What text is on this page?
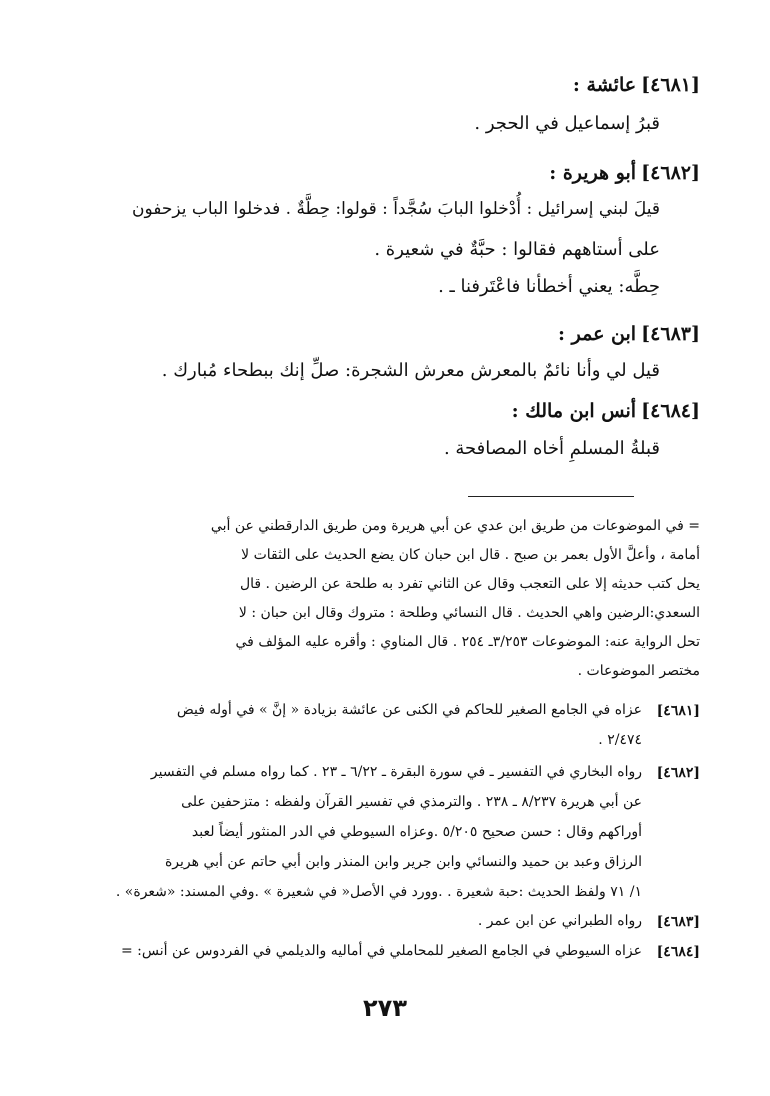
[٤٦٨١] عائشة :
قبرُ إسماعيل في الحجر .
[٤٦٨٢] أبو هريرة :
قيلَ لبني إسرائيل : أُدْخلوا البابَ سُجَّداً : قولوا: حِطَّةٌ . فدخلوا الباب يزحفون
على أستاههم فقالوا : حبَّةٌ في شعيرة .
حِطَّه: يعني أخطأنا فاعْتَرفنا ـ .
[٤٦٨٣] ابن عمر :
قيل لي وأنا نائمٌ بالمعرش معرش الشجرة: صلِّ إنك ببطحاء مُبارك .
[٤٦٨٤] أنس ابن مالك :
قبلةُ المسلمِ أخاه المصافحة .
= في الموضوعات من طريق ابن عدي عن أبي هريرة ومن طريق الدارقطني عن أبي
أمامة ، وأعلَّ الأول بعمر بن صبح . قال ابن حبان كان يضع الحديث على الثقات لا
يحل كتب حديثه إلا على التعجب وقال عن الثاني تفرد به طلحة عن الرضين . قال
السعدي:الرضين واهي الحديث . قال النسائي وطلحة : متروك وقال ابن حبان : لا
تحل الرواية عنه: الموضوعات ٣/٢٥٣ـ ٢٥٤ . قال المناوي : وأقره عليه المؤلف في
مختصر الموضوعات .
[٤٦٨١]
عزاه في الجامع الصغير للحاكم في الكنى عن عائشة بزيادة « إنَّ » في أوله فيض
٢/٤٧٤ .
[٤٦٨٢]
رواه البخاري في التفسير ـ في سورة البقرة ـ ٦/٢٢ ـ ٢٣ . كما رواه مسلم في التفسير
عن أبي هريرة ٨/٢٣٧ ـ ٢٣٨ . والترمذي في تفسير القرآن ولفظه : متزحفين على
أوراكهم وقال : حسن صحيح ٥/٢٠٥ .وعزاه السيوطي في الدر المنثور أيضاً لعبد
الرزاق وعبد بن حميد والنسائي وابن جرير وابن المنذر وابن أبي حاتم عن أبي هريرة
١/ ٧١ ولفظ الحديث :حبة شعيرة . .وورد في الأصل« في شعيرة » .وفي المسند: «شعرة» .
[٤٦٨٣]
رواه الطبراني عن ابن عمر .
[٤٦٨٤]
عزاه السيوطي في الجامع الصغير للمحاملي في أماليه والديلمي في الفردوس عن أنس: =
٢٧٣
